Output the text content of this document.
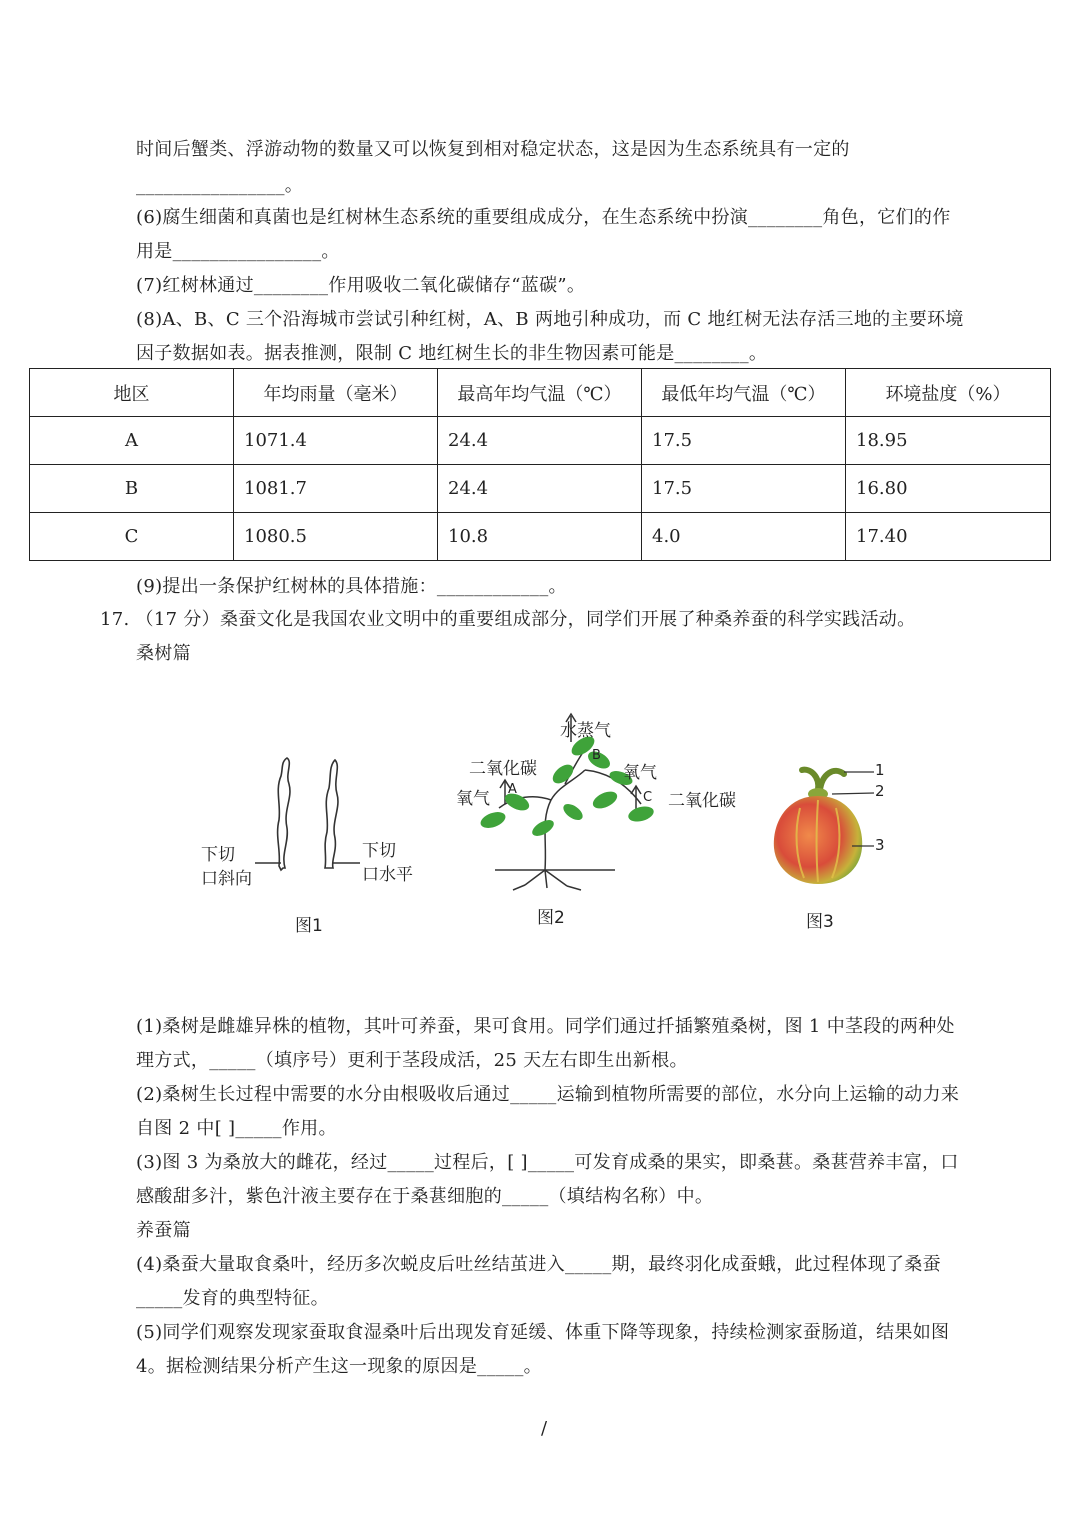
时间后蟹类、浮游动物的数量又可以恢复到相对稳定状态，这是因为生态系统具有一定的
________________。
(6)腐生细菌和真菌也是红树林生态系统的重要组成成分，在生态系统中扮演________角色，它们的作
用是________________。
(7)红树林通过________作用吸收二氧化碳储存“蓝碳”。
(8)A、B、C 三个沿海城市尝试引种红树，A、B 两地引种成功，而 C 地红树无法存活三地的主要环境
因子数据如表。据表推测，限制 C 地红树生长的非生物因素可能是________。
地区	年均雨量（毫米）	最高年均气温（℃）	最低年均气温（℃）	环境盐度（%）
A	1071.4	24.4	17.5	18.95
B	1081.7	24.4	17.5	16.80
C	1080.5	10.8	4.0	17.40
(9)提出一条保护红树林的具体措施：____________。
17. （17 分）桑蚕文化是我国农业文明中的重要组成部分，同学们开展了种桑养蚕的科学实践活动。
桑树篇
下切
口斜向
下切
口水平
图1
水蒸气
二氧化碳
氧气 A
B
氧气
C 二氧化碳
图2
1
2
3
图3
(1)桑树是雌雄异株的植物，其叶可养蚕，果可食用。同学们通过扦插繁殖桑树，图 1 中茎段的两种处
理方式，_____（填序号）更利于茎段成活，25 天左右即生出新根。
(2)桑树生长过程中需要的水分由根吸收后通过_____运输到植物所需要的部位，水分向上运输的动力来
自图 2 中[ ]_____作用。
(3)图 3 为桑放大的雌花，经过_____过程后，[ ]_____可发育成桑的果实，即桑葚。桑葚营养丰富，口
感酸甜多汁，紫色汁液主要存在于桑葚细胞的_____（填结构名称）中。
养蚕篇
(4)桑蚕大量取食桑叶，经历多次蜕皮后吐丝结茧进入_____期，最终羽化成蚕蛾，此过程体现了桑蚕
_____发育的典型特征。
(5)同学们观察发现家蚕取食湿桑叶后出现发育延缓、体重下降等现象，持续检测家蚕肠道，结果如图
4。据检测结果分析产生这一现象的原因是_____。
/
